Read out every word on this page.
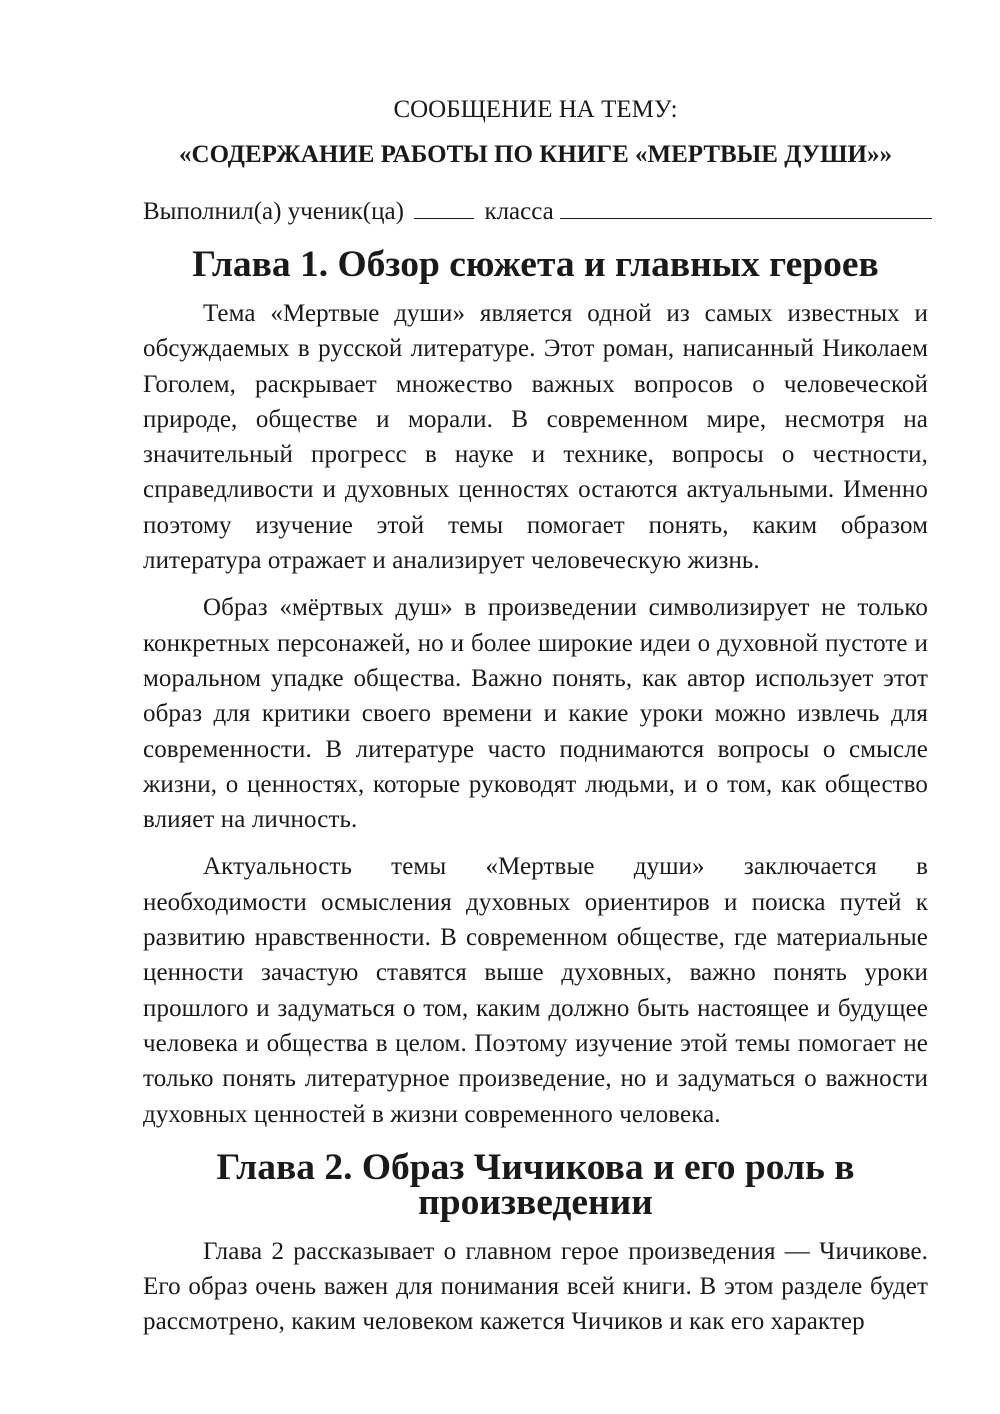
СООБЩЕНИЕ НА ТЕМУ:

«СОДЕРЖАНИЕ РАБОТЫ ПО КНИГЕ «МЕРТВЫЕ ДУШИ»»

Выполнил(а) ученик(ца)	класса

Глава 1. Обзор сюжета и главных героев

Тема «Мертвые души» является одной из самых известных и обсуждаемых в русской литературе. Этот роман, написанный Николаем Гоголем, раскрывает множество важных вопросов о человеческой природе, обществе и морали. В современном мире, несмотря на значительный прогресс в науке и технике, вопросы о честности, справедливости и духовных ценностях остаются актуальными. Именно поэтому изучение этой темы помогает понять, каким образом литература отражает и анализирует человеческую жизнь.

Образ «мёртвых душ» в произведении символизирует не только конкретных персонажей, но и более широкие идеи о духовной пустоте и моральном упадке общества. Важно понять, как автор использует этот образ для критики своего времени и какие уроки можно извлечь для современности. В литературе часто поднимаются вопросы о смысле жизни, о ценностях, которые руководят людьми, и о том, как общество влияет на личность.

Актуальность темы «Мертвые души» заключается в необходимости осмысления духовных ориентиров и поиска путей к развитию нравственности. В современном обществе, где материальные ценности зачастую ставятся выше духовных, важно понять уроки прошлого и задуматься о том, каким должно быть настоящее и будущее человека и общества в целом. Поэтому изучение этой темы помогает не только понять литературное произведение, но и задуматься о важности духовных ценностей в жизни современного человека.

Глава 2. Образ Чичикова и его роль в произведении

Глава 2 рассказывает о главном герое произведения — Чичикове. Его образ очень важен для понимания всей книги. В этом разделе будет рассмотрено, каким человеком кажется Чичиков и как его характер
